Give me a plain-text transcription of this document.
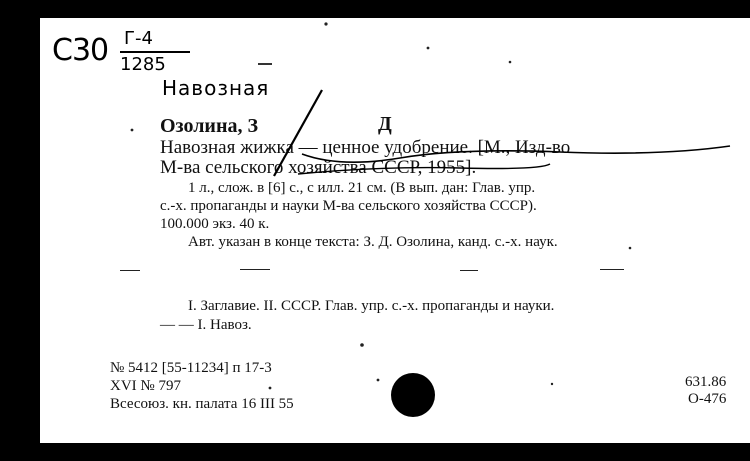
С30 Г-4
1285
Навозная
Озолина, З	Д
Навозная жижка — ценное удобрение. [М., Изд-во
М-ва сельского хозяйства СССР, 1955].
1 л., слож. в [6] с., с илл. 21 см. (В вып. дан: Глав. упр.
с.-х. пропаганды и науки М-ва сельского хозяйства СССР).
100.000 экз. 40 к.
Авт. указан в конце текста: З. Д. Озолина, канд. с.-х. наук.
I. Заглавие. II. СССР. Глав. упр. с.-х. пропаганды и науки.
— — I. Навоз.
№ 5412 [55-11234] п 17-3
XVI № 797
Всесоюз. кн. палата 16 III 55
631.86
О-476
